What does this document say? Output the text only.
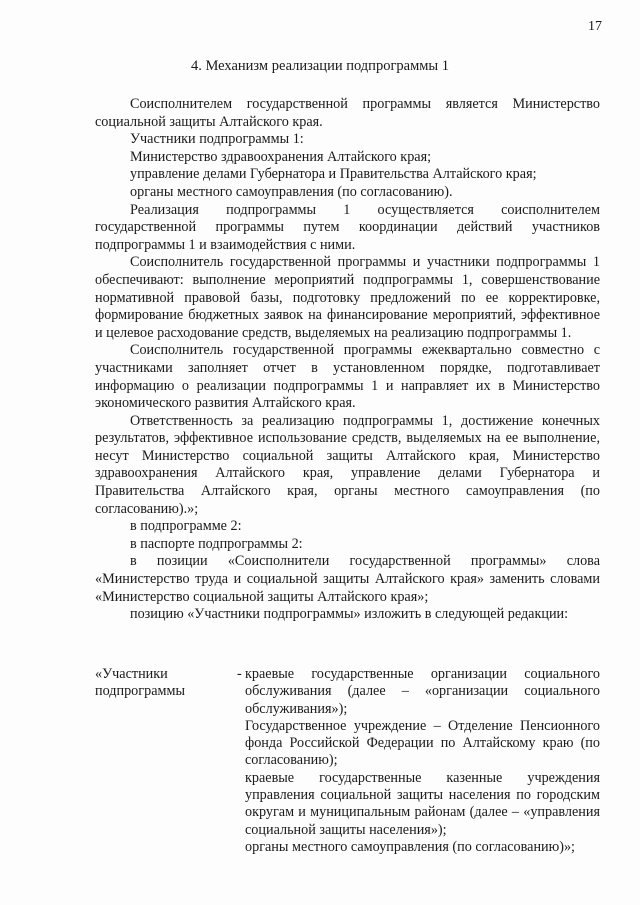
17
4. Механизм реализации подпрограммы 1

Соисполнителем государственной программы является Министерство социальной защиты Алтайского края.

Участники подпрограммы 1:

Министерство здравоохранения Алтайского края;

управление делами Губернатора и Правительства Алтайского края;

органы местного самоуправления (по согласованию).

Реализация подпрограммы 1 осуществляется соисполнителем государственной программы путем координации действий участников подпрограммы 1 и взаимодействия с ними.

Соисполнитель государственной программы и участники подпрограммы 1 обеспечивают: выполнение мероприятий подпрограммы 1, совершенствование нормативной правовой базы, подготовку предложений по ее корректировке, формирование бюджетных заявок на финансирование мероприятий, эффективное и целевое расходование средств, выделяемых на реализацию подпрограммы 1.

Соисполнитель государственной программы ежеквартально совместно с участниками заполняет отчет в установленном порядке, подготавливает информацию о реализации подпрограммы 1 и направляет их в Министерство экономического развития Алтайского края.

Ответственность за реализацию подпрограммы 1, достижение конечных результатов, эффективное использование средств, выделяемых на ее выполнение, несут Министерство социальной защиты Алтайского края, Министерство здравоохранения Алтайского края, управление делами Губернатора и Правительства Алтайского края, органы местного самоуправления (по согласованию).»;

в подпрограмме 2:

в паспорте подпрограммы 2:

в позиции «Соисполнители государственной программы» слова «Министерство труда и социальной защиты Алтайского края» заменить словами «Министерство социальной защиты Алтайского края»;

позицию «Участники подпрограммы» изложить в следующей редакции:

«Участники подпрограммы
- краевые государственные организации социального обслуживания (далее – «организации социального обслуживания»);

Государственное учреждение – Отделение Пенсионного фонда Российской Федерации по Алтайскому краю (по согласованию);

краевые государственные казенные учреждения управления социальной защиты населения по городским округам и муниципальным районам (далее – «управления социальной защиты населения»);

органы местного самоуправления (по согласованию)»;
